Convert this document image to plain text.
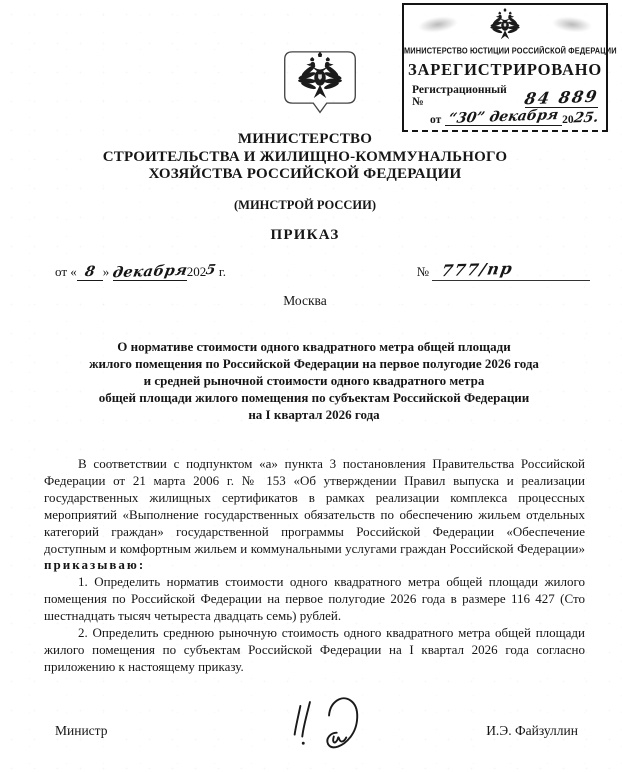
МИНИСТЕРСТВО ЮСТИЦИИ РОССИЙСКОЙ ФЕДЕРАЦИИ
ЗАРЕГИСТРИРОВАНО
Регистрационный №	84 889
от “30” декабря 20
25.
МИНИСТЕРСТВО
СТРОИТЕЛЬСТВА И ЖИЛИЩНО-КОММУНАЛЬНОГО
ХОЗЯЙСТВА РОССИЙСКОЙ ФЕДЕРАЦИИ
(МИНСТРОЙ РОССИИ)
ПРИКАЗ
от « 8 » декабря2025 г.	№ 777/пр
Москва
О нормативе стоимости одного квадратного метра общей площади
жилого помещения по Российской Федерации на первое полугодие 2026 года
и средней рыночной стоимости одного квадратного метра
общей площади жилого помещения по субъектам Российской Федерации
на I квартал 2026 года

В соответствии с подпунктом «а» пункта 3 постановления Правительства Российской Федерации от 21 марта 2006 г. № 153 «Об утверждении Правил выпуска и реализации государственных жилищных сертификатов в рамках реализации комплекса процессных мероприятий «Выполнение государственных обязательств по обеспечению жильем отдельных категорий граждан» государственной программы Российской Федерации «Обеспечение доступным и комфортным жильем и коммунальными услугами граждан Российской Федерации» приказываю:

1. Определить норматив стоимости одного квадратного метра общей площади жилого помещения по Российской Федерации на первое полугодие 2026 года в размере 116 427 (Сто шестнадцать тысяч четыреста двадцать семь) рублей.

2. Определить среднюю рыночную стоимость одного квадратного метра общей площади жилого помещения по субъектам Российской Федерации на I квартал 2026 года согласно приложению к настоящему приказу.

Министр	И.Э. Файзуллин
